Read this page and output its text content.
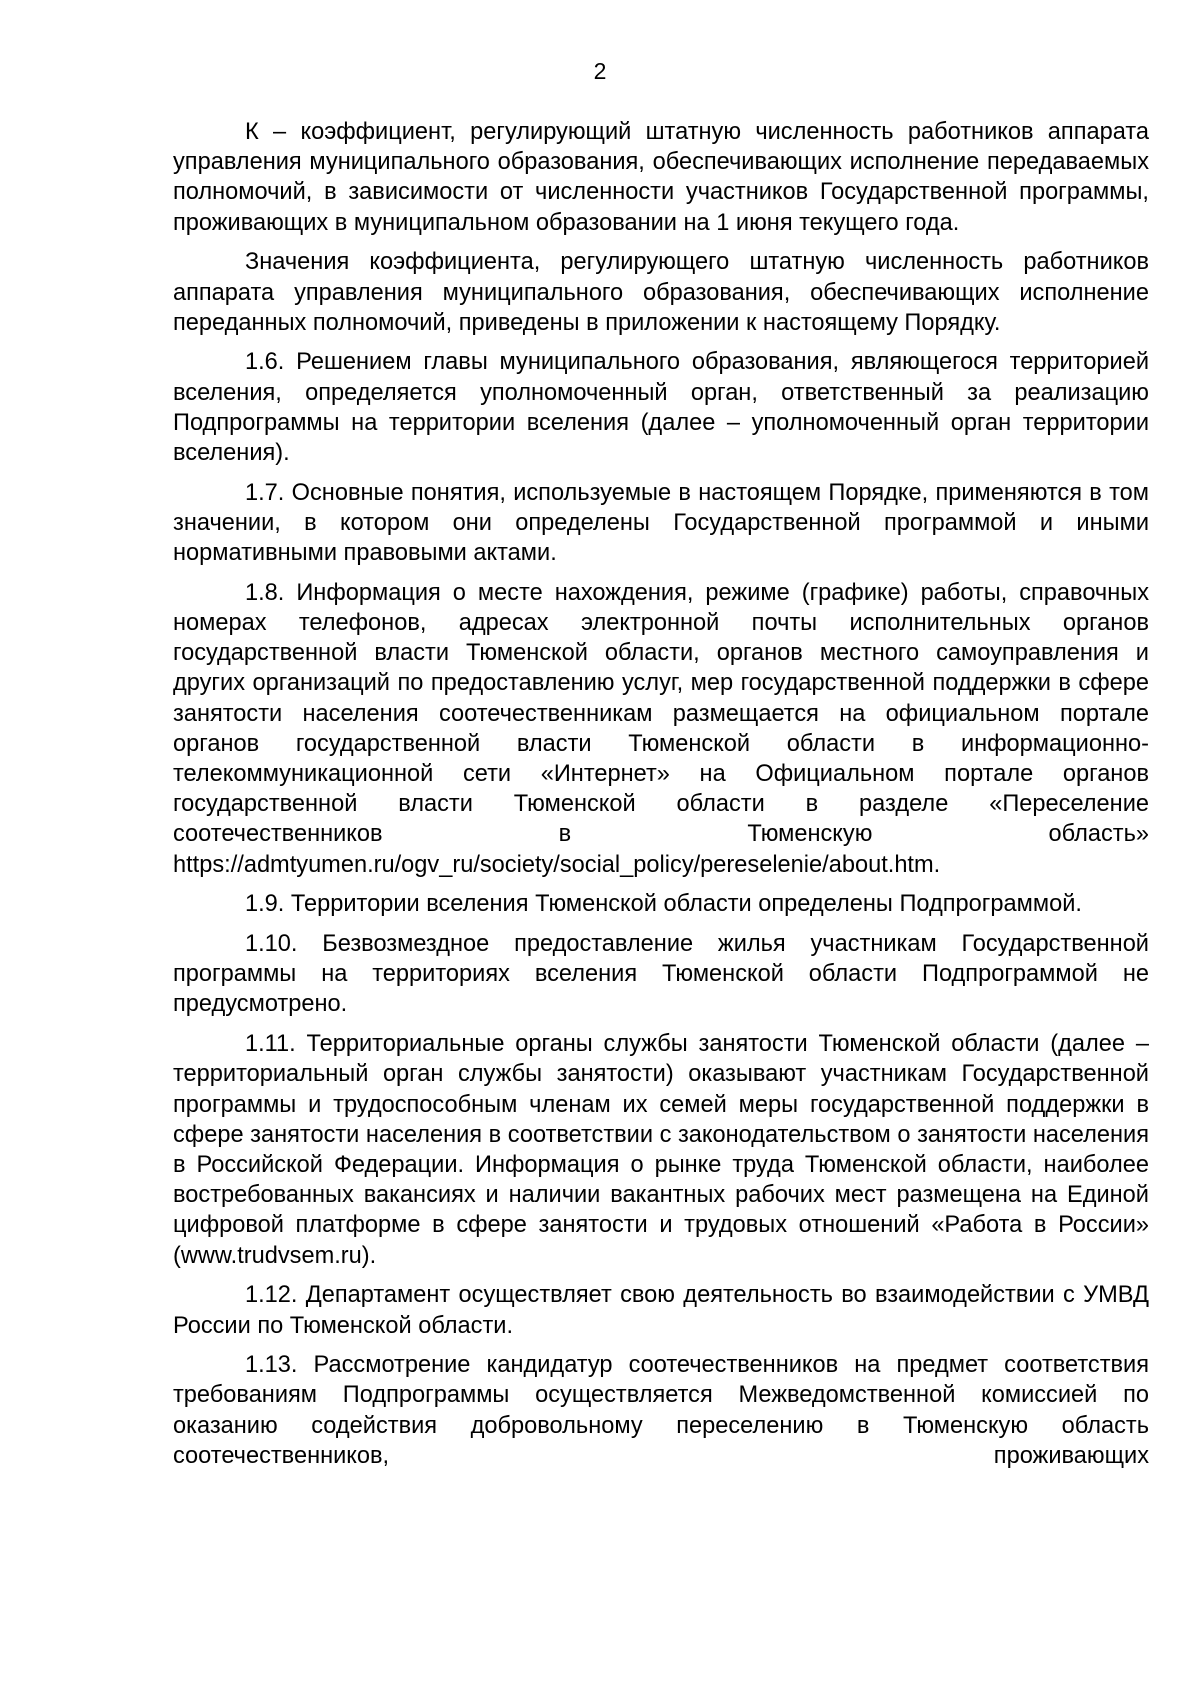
2

К – коэффициент, регулирующий штатную численность работников аппарата управления муниципального образования, обеспечивающих исполнение передаваемых полномочий, в зависимости от численности участников Государственной программы, проживающих в муниципальном образовании на 1 июня текущего года.

Значения коэффициента, регулирующего штатную численность работников аппарата управления муниципального образования, обеспечивающих исполнение переданных полномочий, приведены в приложении к настоящему Порядку.

1.6. Решением главы муниципального образования, являющегося территорией вселения, определяется уполномоченный орган, ответственный за реализацию Подпрограммы на территории вселения (далее – уполномоченный орган территории вселения).

1.7. Основные понятия, используемые в настоящем Порядке, применяются в том значении, в котором они определены Государственной программой и иными нормативными правовыми актами.

1.8. Информация о месте нахождения, режиме (графике) работы, справочных номерах телефонов, адресах электронной почты исполнительных органов государственной власти Тюменской области, органов местного самоуправления и других организаций по предоставлению услуг, мер государственной поддержки в сфере занятости населения соотечественникам размещается на официальном портале органов государственной власти Тюменской области в информационно-телекоммуникационной сети «Интернет» на Официальном портале органов государственной власти Тюменской области в разделе «Переселение соотечественников в Тюменскую область» https://admtyumen.ru/ogv_ru/society/social_policy/pereselenie/about.htm.

1.9. Территории вселения Тюменской области определены Подпрограммой.

1.10. Безвозмездное предоставление жилья участникам Государственной программы на территориях вселения Тюменской области Подпрограммой не предусмотрено.

1.11. Территориальные органы службы занятости Тюменской области (далее – территориальный орган службы занятости) оказывают участникам Государственной программы и трудоспособным членам их семей меры государственной поддержки в сфере занятости населения в соответствии с законодательством о занятости населения в Российской Федерации. Информация о рынке труда Тюменской области, наиболее востребованных вакансиях и наличии вакантных рабочих мест размещена на Единой цифровой платформе в сфере занятости и трудовых отношений «Работа в России» (www.trudvsem.ru).

1.12. Департамент осуществляет свою деятельность во взаимодействии с УМВД России по Тюменской области.

1.13. Рассмотрение кандидатур соотечественников на предмет соответствия требованиям Подпрограммы осуществляется Межведомственной комиссией по оказанию содействия добровольному переселению в Тюменскую область соотечественников, проживающих
